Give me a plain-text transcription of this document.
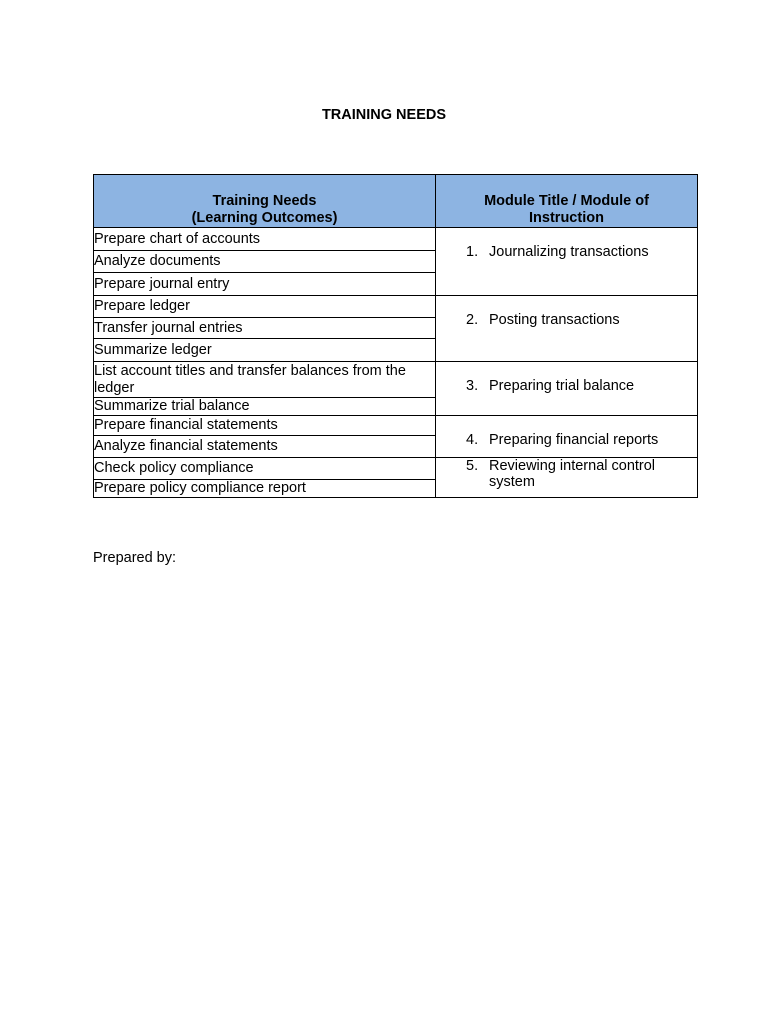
TRAINING NEEDS
Training Needs
(Learning Outcomes)	Module Title / Module of Instruction

Prepare chart of accounts	1. Journalizing transactions

Analyze documents	
Prepare journal entry	
Prepare ledger	2. Posting transactions

Transfer journal entries	
Summarize ledger	
List account titles and transfer balances from the ledger	3. Preparing trial balance

Summarize trial balance	
Prepare financial statements	4. Preparing financial reports

Analyze financial statements	
Check policy compliance	5. Reviewing internal control system

Prepare policy compliance report	
Prepared by:
